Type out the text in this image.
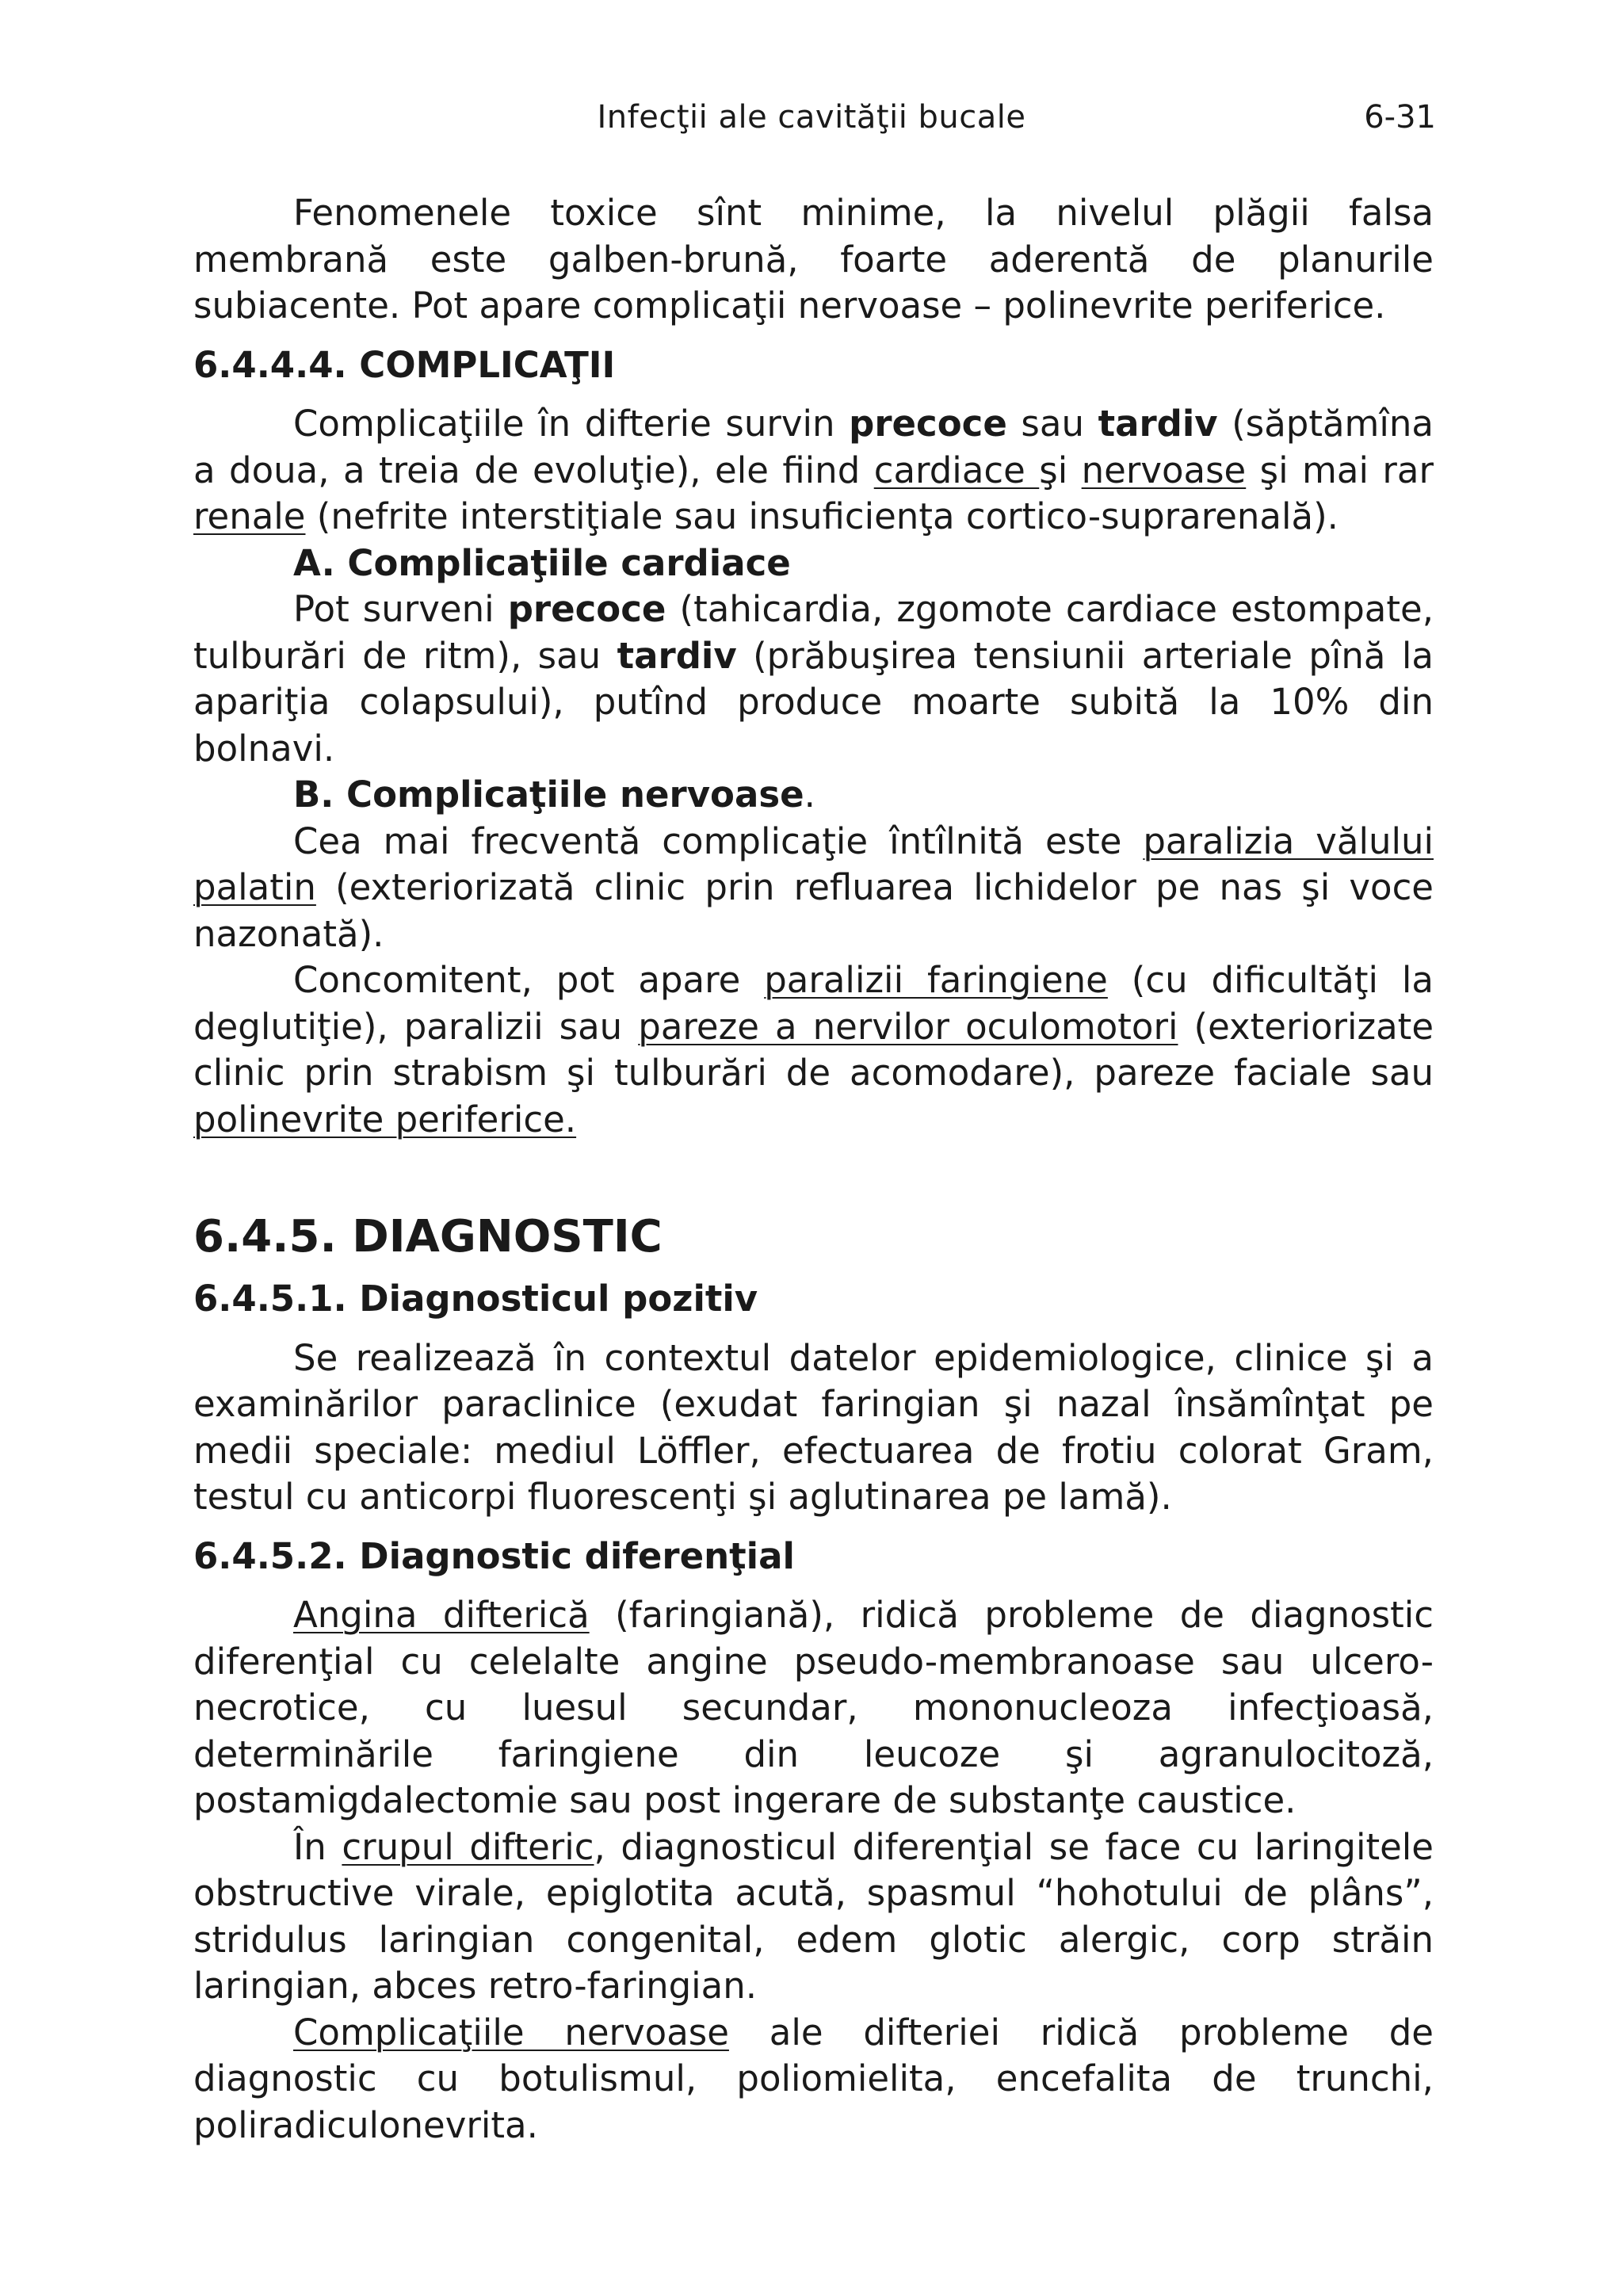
Infecţii ale cavităţii bucale	6-31

Fenomenele toxice sînt minime, la nivelul plăgii falsa membrană este galben-brună, foarte aderentă de planurile subiacente. Pot apare complicaţii nervoase – polinevrite periferice.

6.4.4.4. COMPLICAŢII

Complicaţiile în difterie survin precoce sau tardiv (săptămîna a doua, a treia de evoluţie), ele fiind cardiace şi nervoase şi mai rar renale (nefrite interstiţiale sau insuficienţa cortico-suprarenală).

A. Complicaţiile cardiace

Pot surveni precoce (tahicardia, zgomote cardiace estompate, tulburări de ritm), sau tardiv (prăbuşirea tensiunii arteriale pînă la apariţia colapsului), putînd produce moarte subită la 10% din bolnavi.

B. Complicaţiile nervoase.

Cea mai frecventă complicaţie întîlnită este paralizia vălului palatin (exteriorizată clinic prin refluarea lichidelor pe nas şi voce nazonată).

Concomitent, pot apare paralizii faringiene (cu dificultăţi la deglutiţie), paralizii sau pareze a nervilor oculomotori (exteriorizate clinic prin strabism şi tulburări de acomodare), pareze faciale sau polinevrite periferice.

6.4.5. DIAGNOSTIC
6.4.5.1. Diagnosticul pozitiv

Se realizează în contextul datelor epidemiologice, clinice şi a examinărilor paraclinice (exudat faringian şi nazal însămînţat pe medii speciale: mediul Löffler, efectuarea de frotiu colorat Gram, testul cu anticorpi fluorescenţi şi aglutinarea pe lamă).

6.4.5.2. Diagnostic diferenţial

Angina difterică (faringiană), ridică probleme de diagnostic diferenţial cu celelalte angine pseudo-membranoase sau ulcero-necrotice, cu luesul secundar, mononucleoza infecţioasă, determinările faringiene din leucoze şi agranulocitoză, postamigdalectomie sau post ingerare de substanţe caustice.

În crupul difteric, diagnosticul diferenţial se face cu laringitele obstructive virale, epiglotita acută, spasmul “hohotului de plâns”, stridulus laringian congenital, edem glotic alergic, corp străin laringian, abces retro-faringian.

Complicaţiile nervoase ale difteriei ridică probleme de diagnostic cu botulismul, poliomielita, encefalita de trunchi, poliradiculonevrita.
